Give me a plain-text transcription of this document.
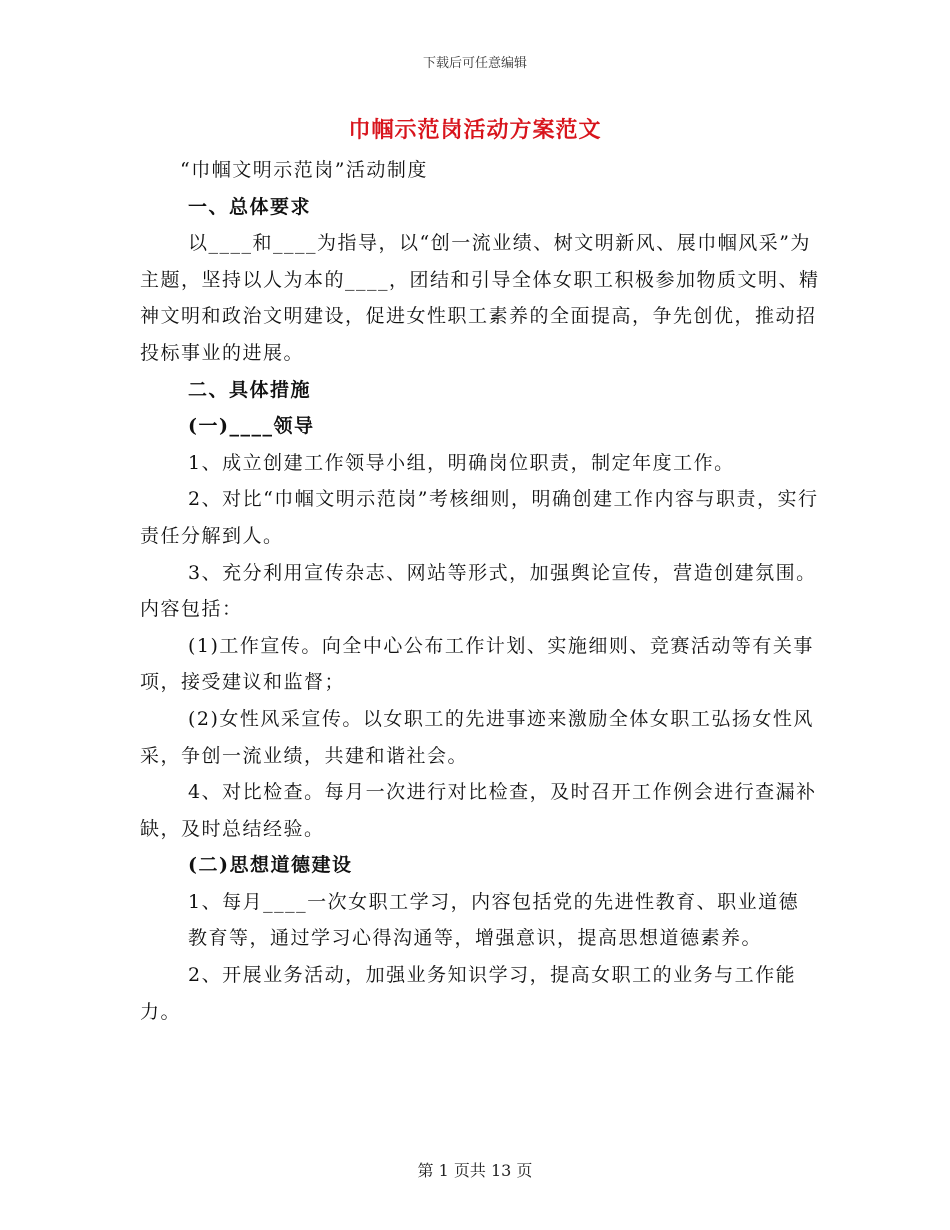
下载后可任意编辑
巾帼示范岗活动方案范文

“巾帼文明示范岗”活动制度

一、总体要求

以____和____为指导，以“创一流业绩、树文明新风、展巾帼风采”为主题，坚持以人为本的____，团结和引导全体女职工积极参加物质文明、精神文明和政治文明建设，促进女性职工素养的全面提高，争先创优，推动招投标事业的进展。

二、具体措施

(一)____领导

1、成立创建工作领导小组，明确岗位职责，制定年度工作。

2、对比“巾帼文明示范岗”考核细则，明确创建工作内容与职责，实行责任分解到人。

3、充分利用宣传杂志、网站等形式，加强舆论宣传，营造创建氛围。内容包括：

(1)工作宣传。向全中心公布工作计划、实施细则、竞赛活动等有关事项，接受建议和监督；

(2)女性风采宣传。以女职工的先进事迹来激励全体女职工弘扬女性风采，争创一流业绩，共建和谐社会。

4、对比检查。每月一次进行对比检查，及时召开工作例会进行查漏补缺，及时总结经验。

(二)思想道德建设

1、每月____一次女职工学习，内容包括党的先进性教育、职业道德

教育等，通过学习心得沟通等，增强意识，提高思想道德素养。

2、开展业务活动，加强业务知识学习，提高女职工的业务与工作能力。

第 1 页共 13 页
